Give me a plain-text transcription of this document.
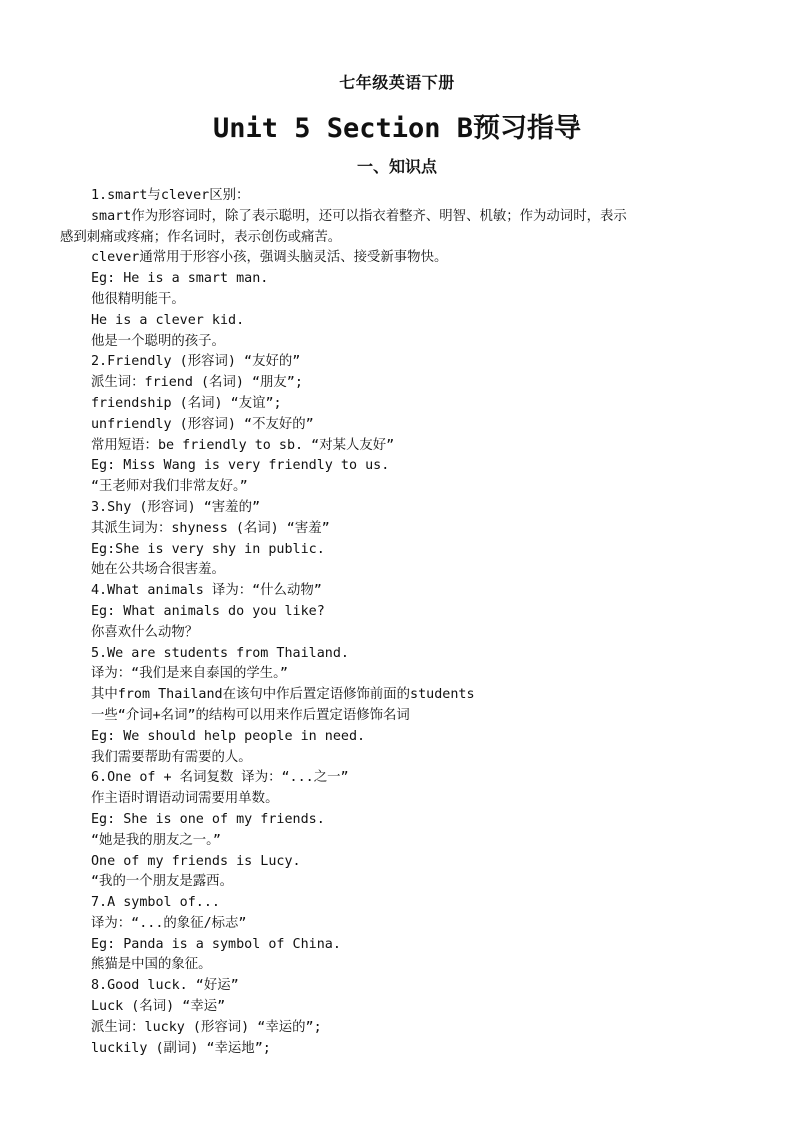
七年级英语下册
Unit 5 Section B预习指导
一、知识点
1.smart与clever区别：
smart作为形容词时，除了表示聪明，还可以指衣着整齐、明智、机敏；作为动词时，表示
感到刺痛或疼痛；作名词时，表示创伤或痛苦。
clever通常用于形容小孩，强调头脑灵活、接受新事物快。
Eg: He is a smart man.
他很精明能干。
He is a clever kid.
他是一个聪明的孩子。
2.Friendly (形容词) “友好的”
派生词：friend (名词) “朋友”;
friendship (名词) “友谊”;
unfriendly (形容词) “不友好的”
常用短语：be friendly to sb. “对某人友好”
Eg: Miss Wang is very friendly to us.
“王老师对我们非常友好。”
3.Shy (形容词) “害羞的”
其派生词为：shyness (名词) “害羞”
Eg:She is very shy in public.
她在公共场合很害羞。
4.What animals 译为：“什么动物”
Eg: What animals do you like?
你喜欢什么动物？
5.We are students from Thailand.
译为：“我们是来自泰国的学生。”
其中from Thailand在该句中作后置定语修饰前面的students
一些“介词+名词”的结构可以用来作后置定语修饰名词
Eg: We should help people in need.
我们需要帮助有需要的人。
6.One of + 名词复数 译为：“...之一”
作主语时谓语动词需要用单数。
Eg: She is one of my friends.
“她是我的朋友之一。”
One of my friends is Lucy.
“我的一个朋友是露西。
7.A symbol of...
译为：“...的象征/标志”
Eg: Panda is a symbol of China.
熊猫是中国的象征。
8.Good luck. “好运”
Luck (名词) “幸运”
派生词：lucky (形容词) “幸运的”;
luckily (副词) “幸运地”;
